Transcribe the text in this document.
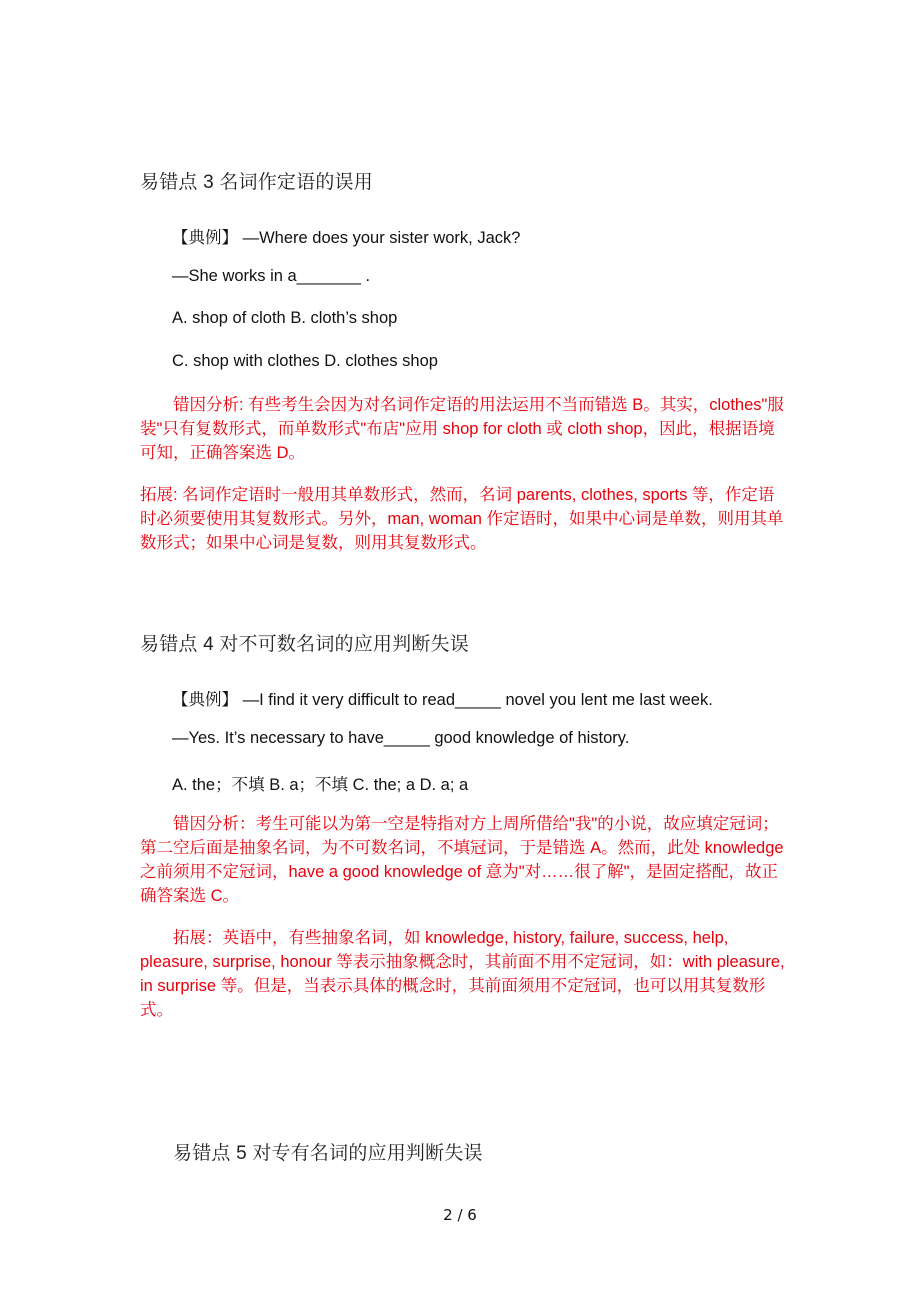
易错点 3 名词作定语的误用
【典例】 —Where does your sister work, Jack?
—She works in a_______ .
A. shop of cloth B. cloth’s shop
C. shop with clothes D. clothes shop

错因分析: 有些考生会因为对名词作定语的用法运用不当而错选 B。其实，clothes"服装"只有复数形式，而单数形式"布店"应用 shop for cloth 或 cloth shop，因此，根据语境可知，正确答案选 D。

拓展: 名词作定语时一般用其单数形式，然而，名词 parents, clothes, sports 等，作定语时必须要使用其复数形式。另外，man, woman 作定语时，如果中心词是单数，则用其单数形式；如果中心词是复数，则用其复数形式。

易错点 4 对不可数名词的应用判断失误
【典例】 —I find it very difficult to read_____ novel you lent me last week.
—Yes. It’s necessary to have_____ good knowledge of history.
A. the；不填 B. a；不填 C. the; a D. a; a

错因分析：考生可能以为第一空是特指对方上周所借给"我"的小说，故应填定冠词；第二空后面是抽象名词，为不可数名词，不填冠词，于是错选 A。然而，此处 knowledge 之前须用不定冠词，have a good knowledge of 意为"对……很了解"，是固定搭配，故正确答案选 C。

拓展：英语中，有些抽象名词，如 knowledge, history, failure, success, help, pleasure, surprise, honour 等表示抽象概念时，其前面不用不定冠词，如：with pleasure, in surprise 等。但是，当表示具体的概念时，其前面须用不定冠词，也可以用其复数形式。

易错点 5 对专有名词的应用判断失误
2 / 6
